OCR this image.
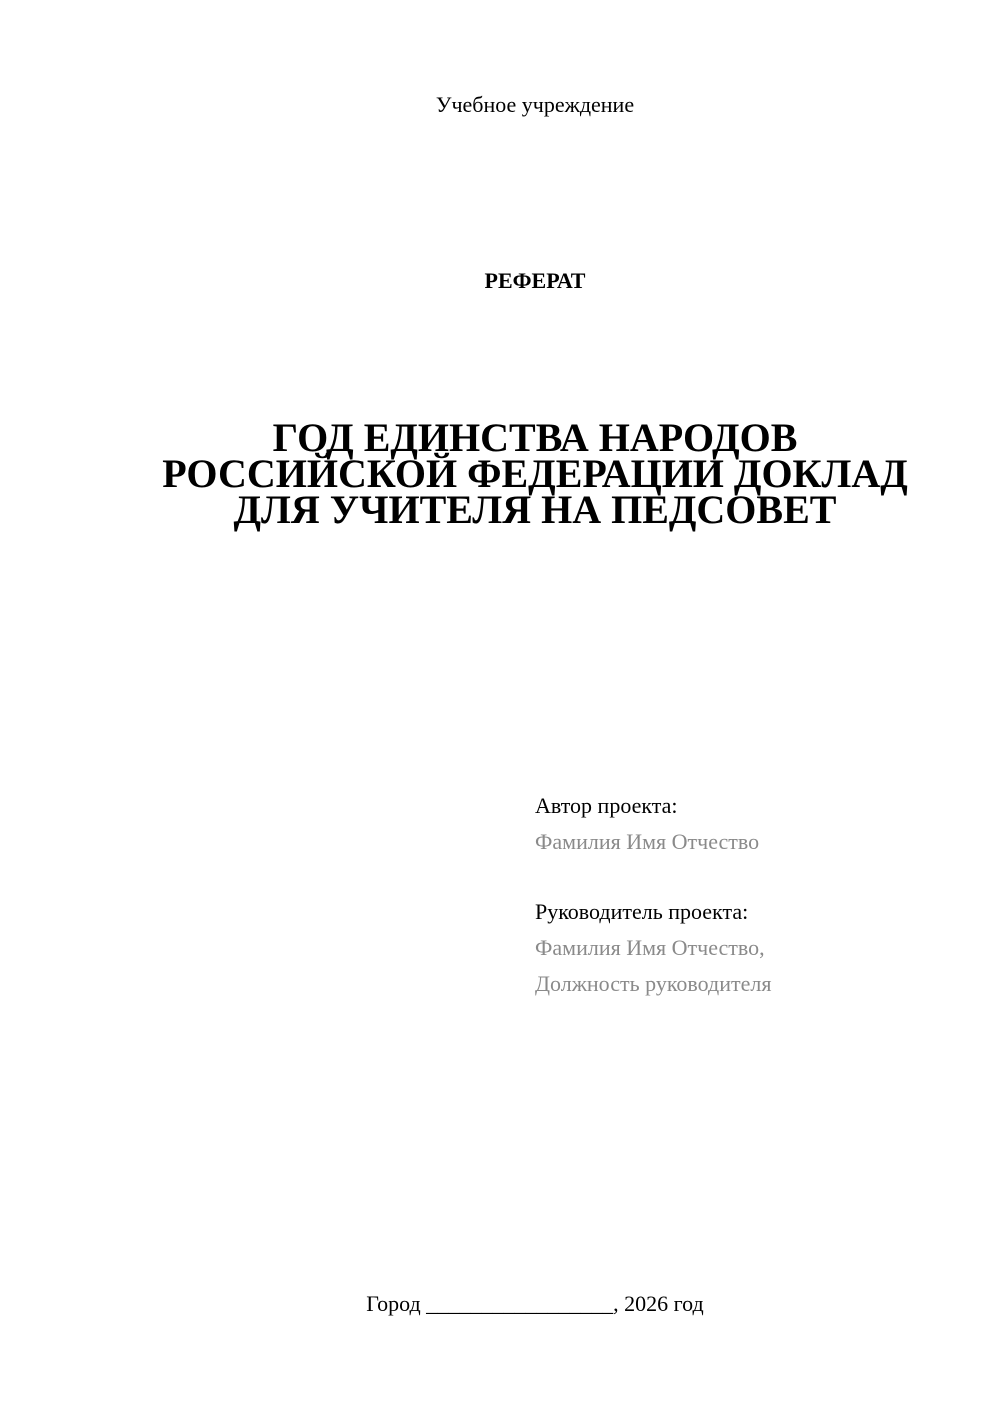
Учебное учреждение
РЕФЕРАТ
ГОД ЕДИНСТВА НАРОДОВ
РОССИЙСКОЙ ФЕДЕРАЦИИ ДОКЛАД
ДЛЯ УЧИТЕЛЯ НА ПЕДСОВЕТ
Автор проекта:
Фамилия Имя Отчество
Руководитель проекта:
Фамилия Имя Отчество,
Должность руководителя
Город _________________, 2026 год
